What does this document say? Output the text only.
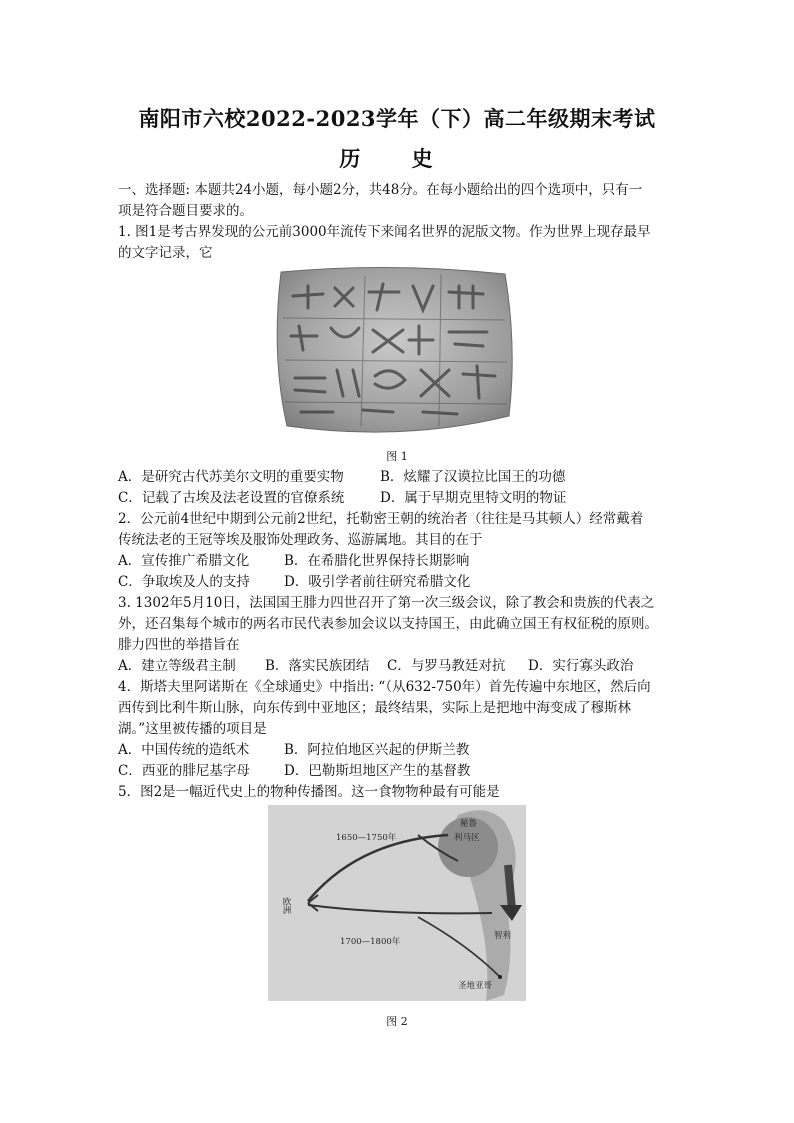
南阳市六校2022-2023学年（下）高二年级期末考试
历 史
一、选择题: 本题共24小题，每小题2分，共48分。在每小题给出的四个选项中，只有一
项是符合题目要求的。
1. 图1是考古界发现的公元前3000年流传下来闻名世界的泥版文物。作为世界上现存最早
的文字记录，它
图 1
A．是研究古代苏美尔文明的重要实物	B．炫耀了汉谟拉比国王的功德
C．记载了古埃及法老设置的官僚系统	D．属于早期克里特文明的物证
2．公元前4世纪中期到公元前2世纪，托勒密王朝的统治者（往往是马其顿人）经常戴着
传统法老的王冠等埃及服饰处理政务、巡游属地。其目的在于
A．宣传推广希腊文化	B．在希腊化世界保持长期影响
C．争取埃及人的支持	D．吸引学者前往研究希腊文化
3. 1302年5月10日，法国国王腓力四世召开了第一次三级会议，除了教会和贵族的代表之
外，还召集每个城市的两名市民代表参加会议以支持国王，由此确立国王有权征税的原则。
腓力四世的举措旨在
A．建立等级君主制 B．落实民族团结 C．与罗马教廷对抗 D．实行寡头政治
4．斯塔夫里阿诺斯在《全球通史》中指出: “（从632-750年）首先传遍中东地区，然后向
西传到比利牛斯山脉，向东传到中亚地区；最终结果，实际上是把地中海变成了穆斯林
湖。”这里被传播的项目是
A．中国传统的造纸术	B．阿拉伯地区兴起的伊斯兰教
C．西亚的腓尼基字母	D．巴勒斯坦地区产生的基督教
5．图2是一幅近代史上的物种传播图。这一食物物种最有可能是
1650—1750年
1700—1800年
欧洲
秘鲁
利马区
智利
圣地亚哥
图 2
